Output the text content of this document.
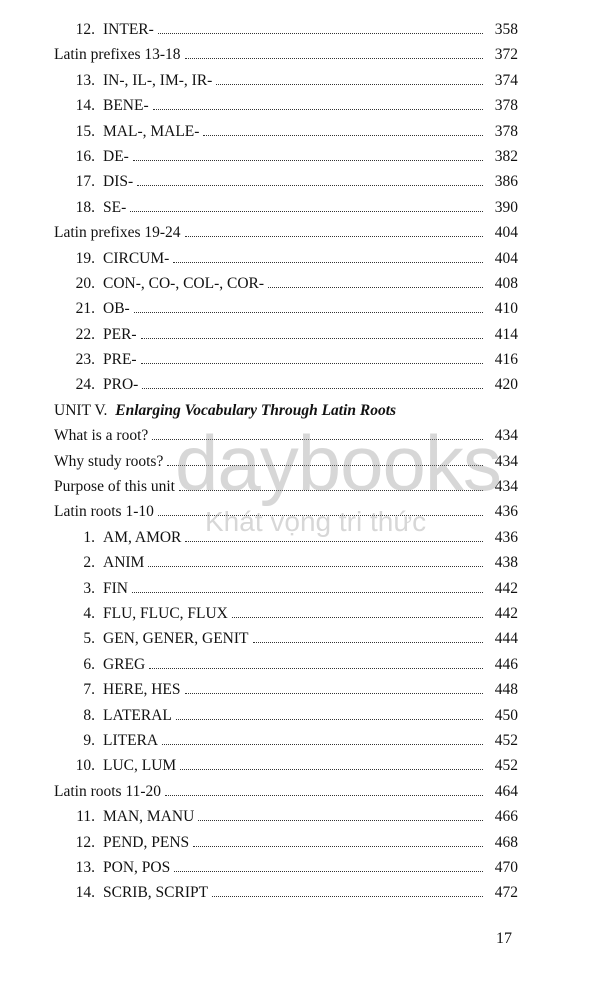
12. INTER-	358
Latin prefixes 13-18	372
13. IN-, IL-, IM-, IR-	374
14. BENE-	378
15. MAL-, MALE-	378
16. DE-	382
17. DIS-	386
18. SE-	390
Latin prefixes 19-24	404
19. CIRCUM-	404
20. CON-, CO-, COL-, COR-	408
21. OB-	410
22. PER-	414
23. PRE-	416
24. PRO-	420
UNIT V. Enlarging Vocabulary Through Latin Roots
What is a root?	434
Why study roots?	434
Purpose of this unit	434
Latin roots 1-10	436
1. AM, AMOR	436
2. ANIM	438
3. FIN	442
4. FLU, FLUC, FLUX	442
5. GEN, GENER, GENIT	444
6. GREG	446
7. HERE, HES	448
8. LATERAL	450
9. LITERA	452
10. LUC, LUM	452
Latin roots 11-20	464
11. MAN, MANU	466
12. PEND, PENS	468
13. PON, POS	470
14. SCRIB, SCRIPT	472
daybooks
Khát vọng tri thức
17
